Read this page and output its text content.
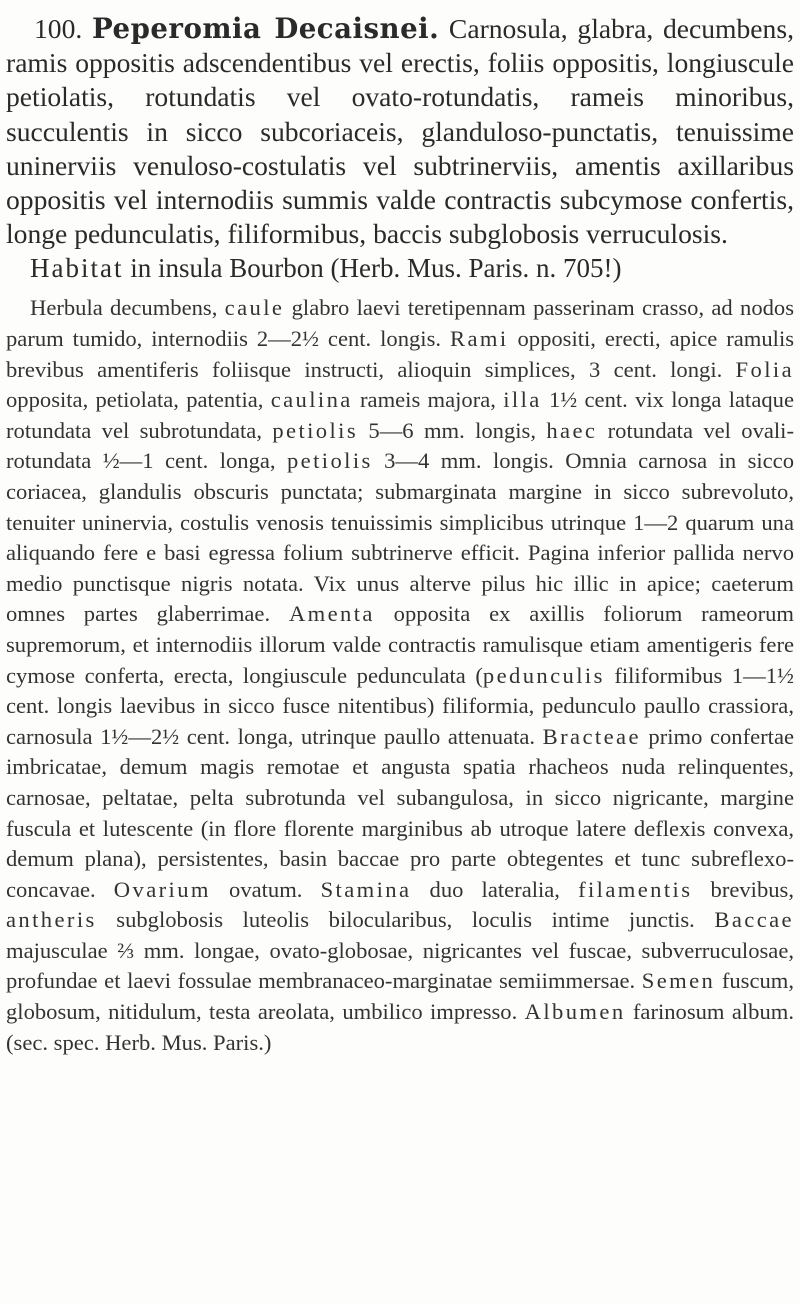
100. Peperomia Decaisnei. Carnosula, glabra, decumbens, ramis oppositis adscendentibus vel erectis, foliis oppositis, longiuscule petiolatis, rotundatis vel ovato-rotundatis, rameis minoribus, succulentis in sicco subcoriaceis, glanduloso-punctatis, tenuissime uninerviis venuloso-costulatis vel subtrinerviis, amentis axillaribus oppositis vel internodiis summis valde contractis subcymose confertis, longe pedunculatis, filiformibus, baccis subglobosis verruculosis.

Habitat in insula Bourbon (Herb. Mus. Paris. n. 705!)

Herbula decumbens, caule glabro laevi teretipennam passerinam crasso, ad nodos parum tumido, internodiis 2—2½ cent. longis. Rami oppositi, erecti, apice ramulis brevibus amentiferis foliisque instructi, alioquin simplices, 3 cent. longi. Folia opposita, petiolata, patentia, caulina rameis majora, illa 1½ cent. vix longa lataque rotundata vel subrotundata, petiolis 5—6 mm. longis, haec rotundata vel ovali-rotundata ½—1 cent. longa, petiolis 3—4 mm. longis. Omnia carnosa in sicco coriacea, glandulis obscuris punctata; submarginata margine in sicco subrevoluto, tenuiter uninervia, costulis venosis tenuissimis simplicibus utrinque 1—2 quarum una aliquando fere e basi egressa folium subtrinerve efficit. Pagina inferior pallida nervo medio punctisque nigris notata. Vix unus alterve pilus hic illic in apice; caeterum omnes partes glaberrimae. Amenta opposita ex axillis foliorum rameorum supremorum, et internodiis illorum valde contractis ramulisque etiam amentigeris fere cymose conferta, erecta, longiuscule pedunculata (pedunculis filiformibus 1—1½ cent. longis laevibus in sicco fusce nitentibus) filiformia, pedunculo paullo crassiora, carnosula 1½—2½ cent. longa, utrinque paullo attenuata. Bracteae primo confertae imbricatae, demum magis remotae et angusta spatia rhacheos nuda relinquentes, carnosae, peltatae, pelta subrotunda vel subangulosa, in sicco nigricante, margine fuscula et lutescente (in flore florente marginibus ab utroque latere deflexis convexa, demum plana), persistentes, basin baccae pro parte obtegentes et tunc subreflexo-concavae. Ovarium ovatum. Stamina duo lateralia, filamentis brevibus, antheris subglobosis luteolis bilocularibus, loculis intime junctis. Baccae majusculae ⅔ mm. longae, ovato-globosae, nigricantes vel fuscae, subverruculosae, profundae et laevi fossulae membranaceo-marginatae semiimmersae. Semen fuscum, globosum, nitidulum, testa areolata, umbilico impresso. Albumen farinosum album. (sec. spec. Herb. Mus. Paris.)
